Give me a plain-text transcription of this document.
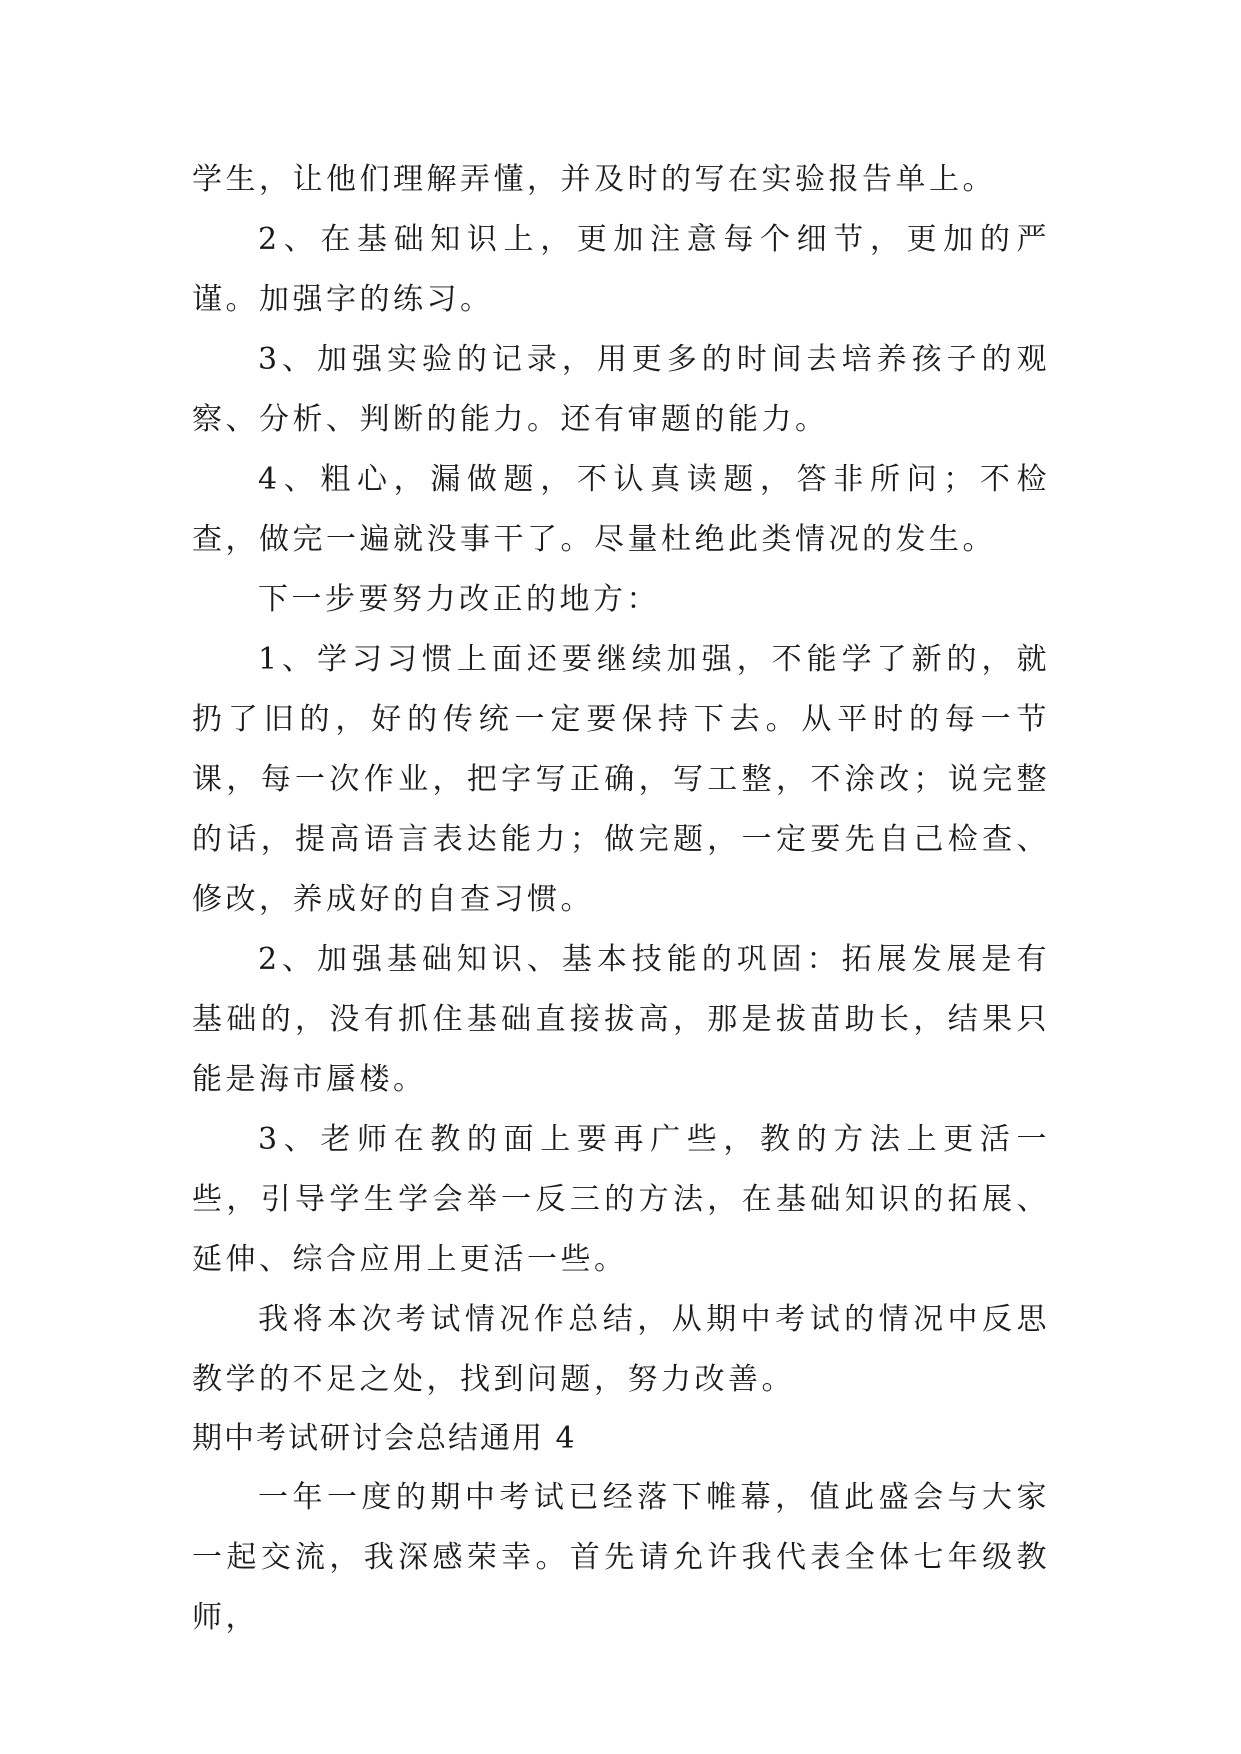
学生，让他们理解弄懂，并及时的写在实验报告单上。

2、在基础知识上，更加注意每个细节，更加的严谨。加强字的练习。

3、加强实验的记录，用更多的时间去培养孩子的观察、分析、判断的能力。还有审题的能力。

4、粗心，漏做题，不认真读题，答非所问；不检查，做完一遍就没事干了。尽量杜绝此类情况的发生。

下一步要努力改正的地方：

1、学习习惯上面还要继续加强，不能学了新的，就扔了旧的，好的传统一定要保持下去。从平时的每一节课，每一次作业，把字写正确，写工整，不涂改；说完整的话，提高语言表达能力；做完题，一定要先自己检查、修改，养成好的自查习惯。

2、加强基础知识、基本技能的巩固：拓展发展是有基础的，没有抓住基础直接拔高，那是拔苗助长，结果只能是海市蜃楼。

3、老师在教的面上要再广些，教的方法上更活一些，引导学生学会举一反三的方法，在基础知识的拓展、延伸、综合应用上更活一些。

我将本次考试情况作总结，从期中考试的情况中反思教学的不足之处，找到问题，努力改善。

期中考试研讨会总结通用 4

一年一度的期中考试已经落下帷幕，值此盛会与大家一起交流，我深感荣幸。首先请允许我代表全体七年级教师，
